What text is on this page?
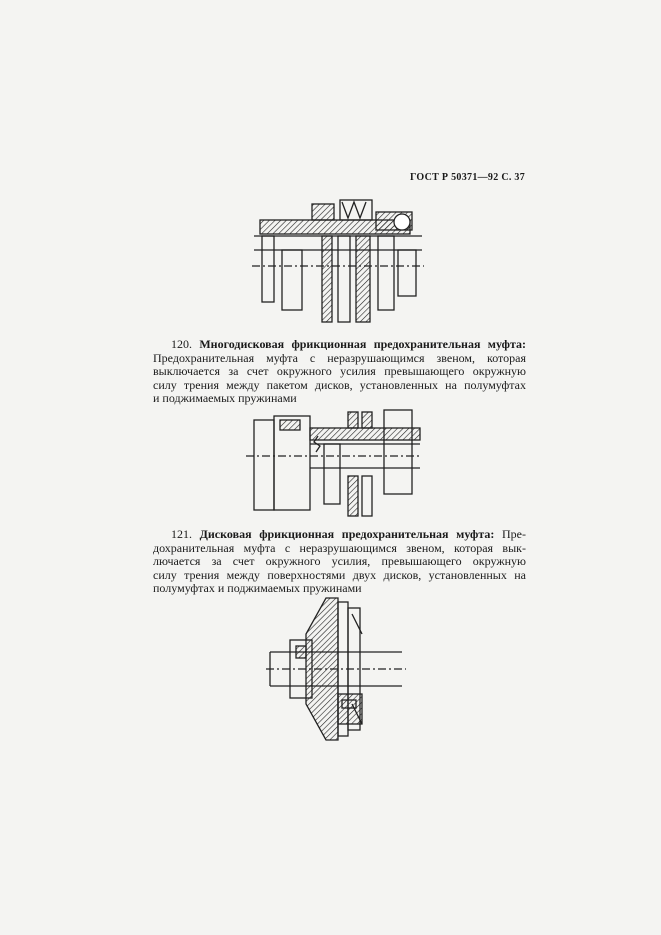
ГОСТ Р 50371—92 С. 37
120. Многодисковая фрикционная предохранительная муфта:
Предохранительная муфта с неразрушающимся звеном, которая
выключается за счет окружного усилия превышающего окружную
силу трения между пакетом дисков, установленных на полумуфтах
и поджимаемых пружинами
121. Дисковая фрикционная предохранительная муфта: Пре-
дохранительная муфта с неразрушающимся звеном, которая вык-
лючается за счет окружного усилия, превышающего окружную
силу трения между поверхностями двух дисков, установленных на
полумуфтах и поджимаемых пружинами
